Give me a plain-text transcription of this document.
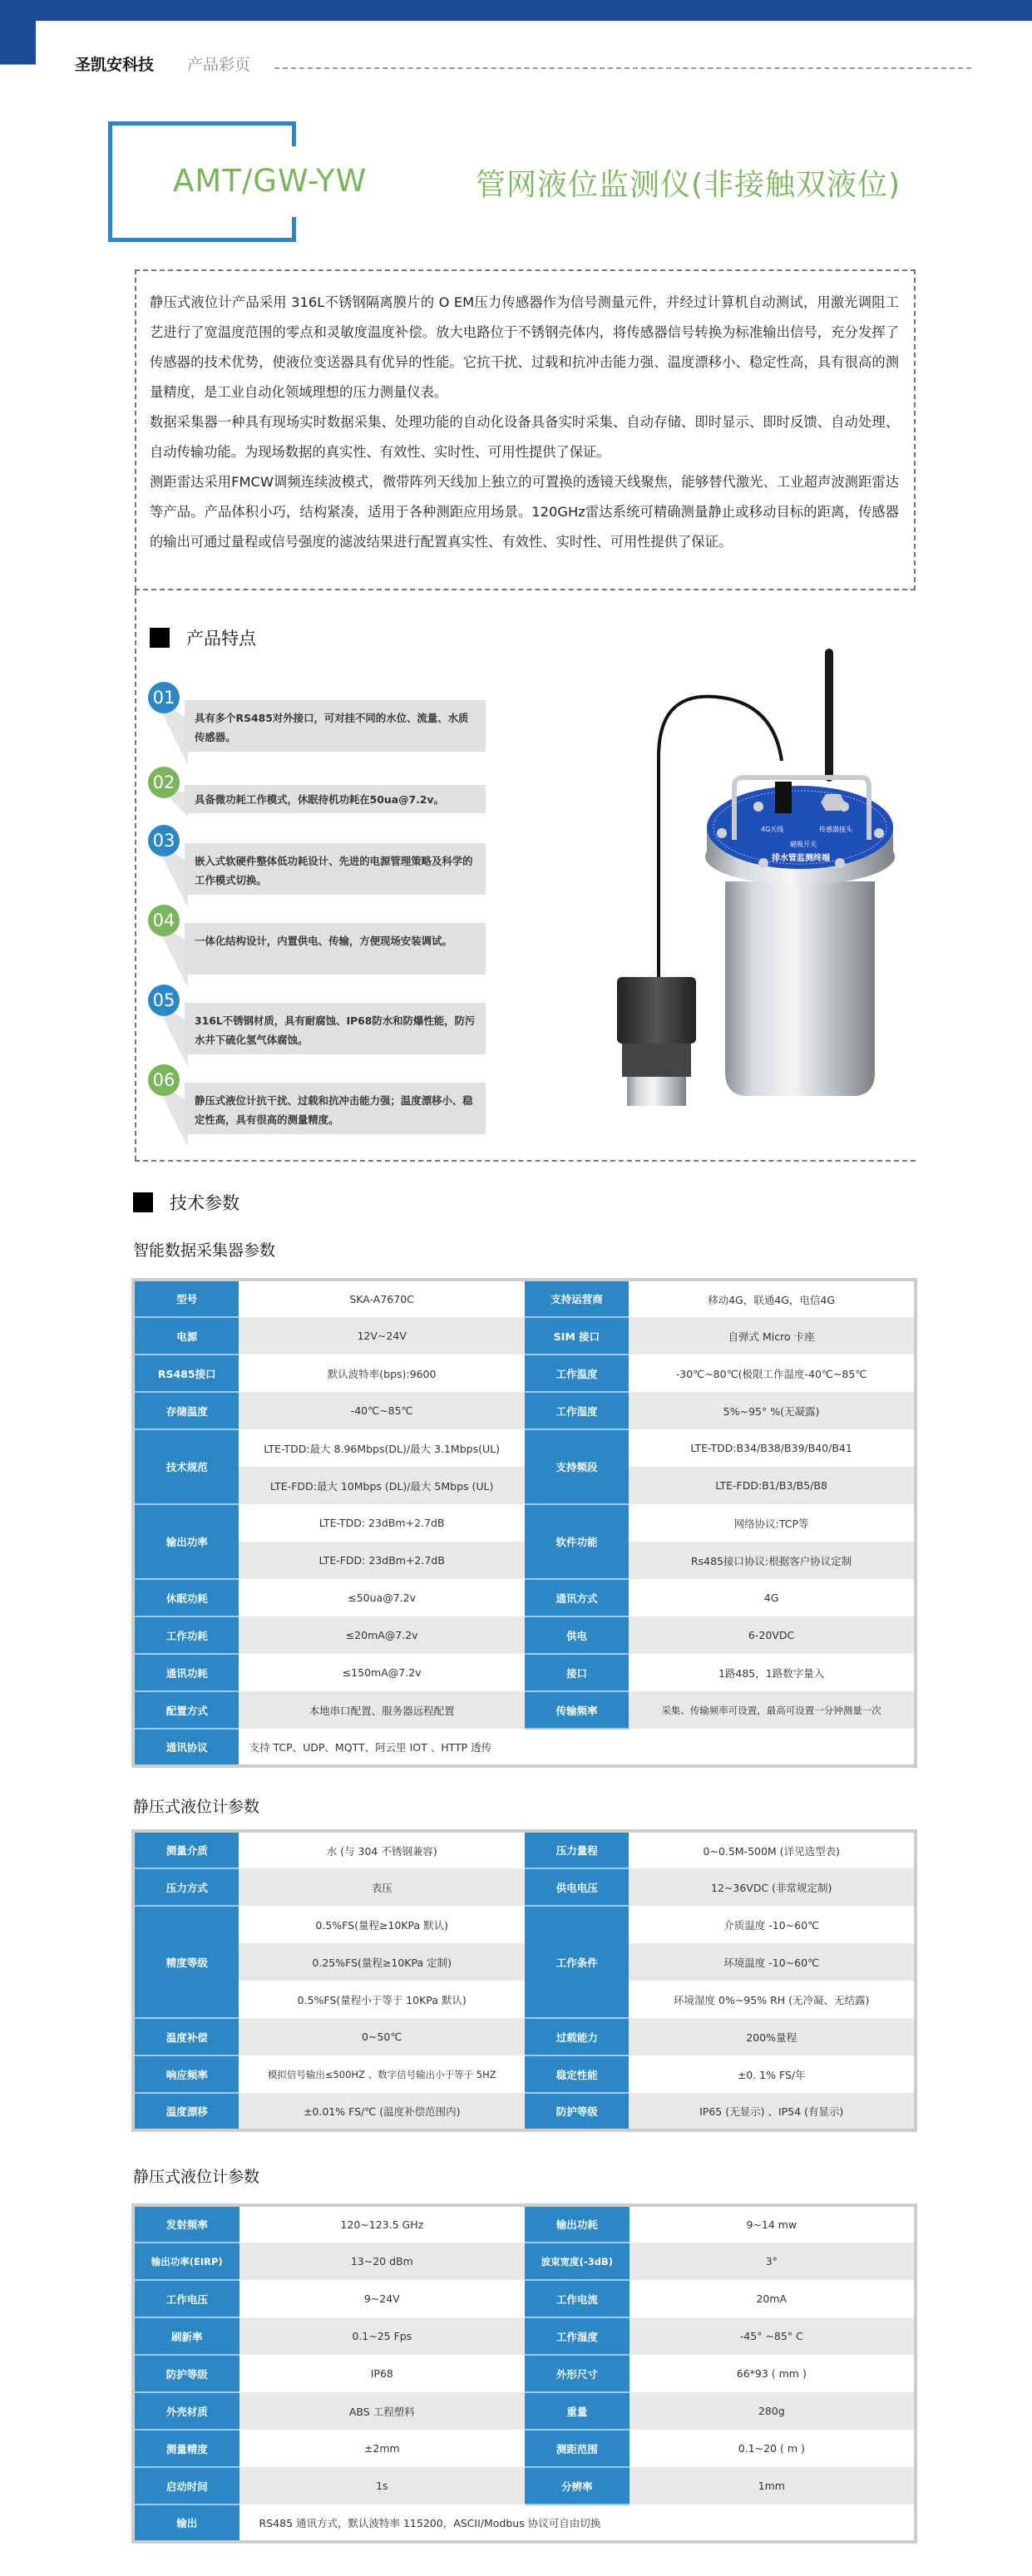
圣凯安科技 产品彩页
AMT/GW-YW	管网液位监测仪(非接触双液位)

静压式液位计产品采用 316L不锈钢隔离膜片的 O EM压力传感器作为信号测量元件，并经过计算机自动测试，用激光调阻工艺进行了宽温度范围的零点和灵敏度温度补偿。放大电路位于不锈钢壳体内，将传感器信号转换为标准输出信号，充分发挥了传感器的技术优势，使液位变送器具有优异的性能。它抗干扰、过载和抗冲击能力强、温度漂移小、稳定性高，具有很高的测量精度，是工业自动化领域理想的压力测量仪表。

数据采集器一种具有现场实时数据采集、处理功能的自动化设备具备实时采集、自动存储、即时显示、即时反馈、自动处理、自动传输功能。为现场数据的真实性、有效性、实时性、可用性提供了保证。

测距雷达采用FMCW调频连续波模式，微带阵列天线加上独立的可置换的透镜天线聚焦，能够替代激光、工业超声波测距雷达等产品。产品体积小巧，结构紧凑，适用于各种测距应用场景。120GHz雷达系统可精确测量静止或移动目标的距离，传感器的输出可通过量程或信号强度的滤波结果进行配置真实性、有效性、实时性、可用性提供了保证。

产品特点
01
具有多个RS485对外接口，可对挂不同的水位、流量、水质传感器。
02
具备微功耗工作模式，休眠待机功耗在50ua@7.2v。
03
嵌入式软硬件整体低功耗设计、先进的电源管理策略及科学的工作模式切换。
04
一体化结构设计，内置供电、传输，方便现场安装调试。
05
316L不锈钢材质，具有耐腐蚀、IP68防水和防爆性能，防污水井下硫化氢气体腐蚀。
06
静压式液位计抗干扰、过载和抗冲击能力强；温度漂移小、稳定性高，具有很高的测量精度。
4G天线	传感器接头
磁吸开关
排水管监测终端
技术参数
智能数据采集器参数
型号	SKA-A7670C	支持运营商	移动4G，联通4G，电信4G
电源	12V~24V	SIM 接口	自弹式 Micro 卡座
RS485接口	默认波特率(bps):9600	工作温度	-30℃~80℃(极限工作温度-40℃~85℃
存储温度	-40℃~85℃	工作湿度	5%~95° %(无凝露)
技术规范	LTE-TDD:最大 8.96Mbps(DL)/最大 3.1Mbps(UL)	支持频段	LTE-TDD:B34/B38/B39/B40/B41
	LTE-FDD:最大 10Mbps (DL)/最大 5Mbps (UL)		LTE-FDD:B1/B3/B5/B8
输出功率	LTE-TDD: 23dBm+2.7dB	软件功能	网络协议:TCP等
	LTE-FDD: 23dBm+2.7dB		Rs485接口协议:根据客户协议定制
休眠功耗	≤50ua@7.2v	通讯方式	4G
工作功耗	≤20mA@7.2v	供电	6-20VDC
通讯功耗	≤150mA@7.2v	接口	1路485，1路数字量入
配置方式	本地串口配置、服务器远程配置	传输频率	采集、传输频率可设置，最高可设置一分钟测量一次
通讯协议	支持 TCP、UDP、MQTT、阿云里 IOT 、HTTP 透传		
静压式液位计参数
测量介质	水 (与 304 不锈钢兼容)	压力量程	0~0.5M-500M (详见选型表)
压力方式	表压	供电电压	12~36VDC (非常规定制)
精度等级	0.5%FS(量程≥10KPa 默认)	工作条件	介质温度 -10~60℃
	0.25%FS(量程≥10KPa 定制)		环境温度 -10~60℃
	0.5%FS(量程小于等于 10KPa 默认)		环境湿度 0%~95% RH (无冷凝、无结露)
温度补偿	0~50℃	过载能力	200%量程
响应频率	模拟信号输出≤500HZ 、数字信号输出小于等于 5HZ	稳定性能	±0. 1% FS/年
温度漂移	±0.01% FS/℃ (温度补偿范围内)	防护等级	IP65 (无显示) 、IP54 (有显示)
静压式液位计参数
发射频率	120~123.5 GHz	输出功耗	9~14 mw
输出功率(EIRP)	13~20 dBm	波束宽度(-3dB)	3°
工作电压	9~24V	工作电流	20mA
刷新率	0.1~25 Fps	工作湿度	-45° ~85° C
防护等级	IP68	外形尺寸	66*93 ( mm )
外壳材质	ABS 工程塑料	重量	280g
测量精度	±2mm	测距范围	0.1~20 ( m )
启动时间	1s	分辨率	1mm
输出	RS485 通讯方式，默认波特率 115200，ASCII/Modbus 协议可自由切换		
